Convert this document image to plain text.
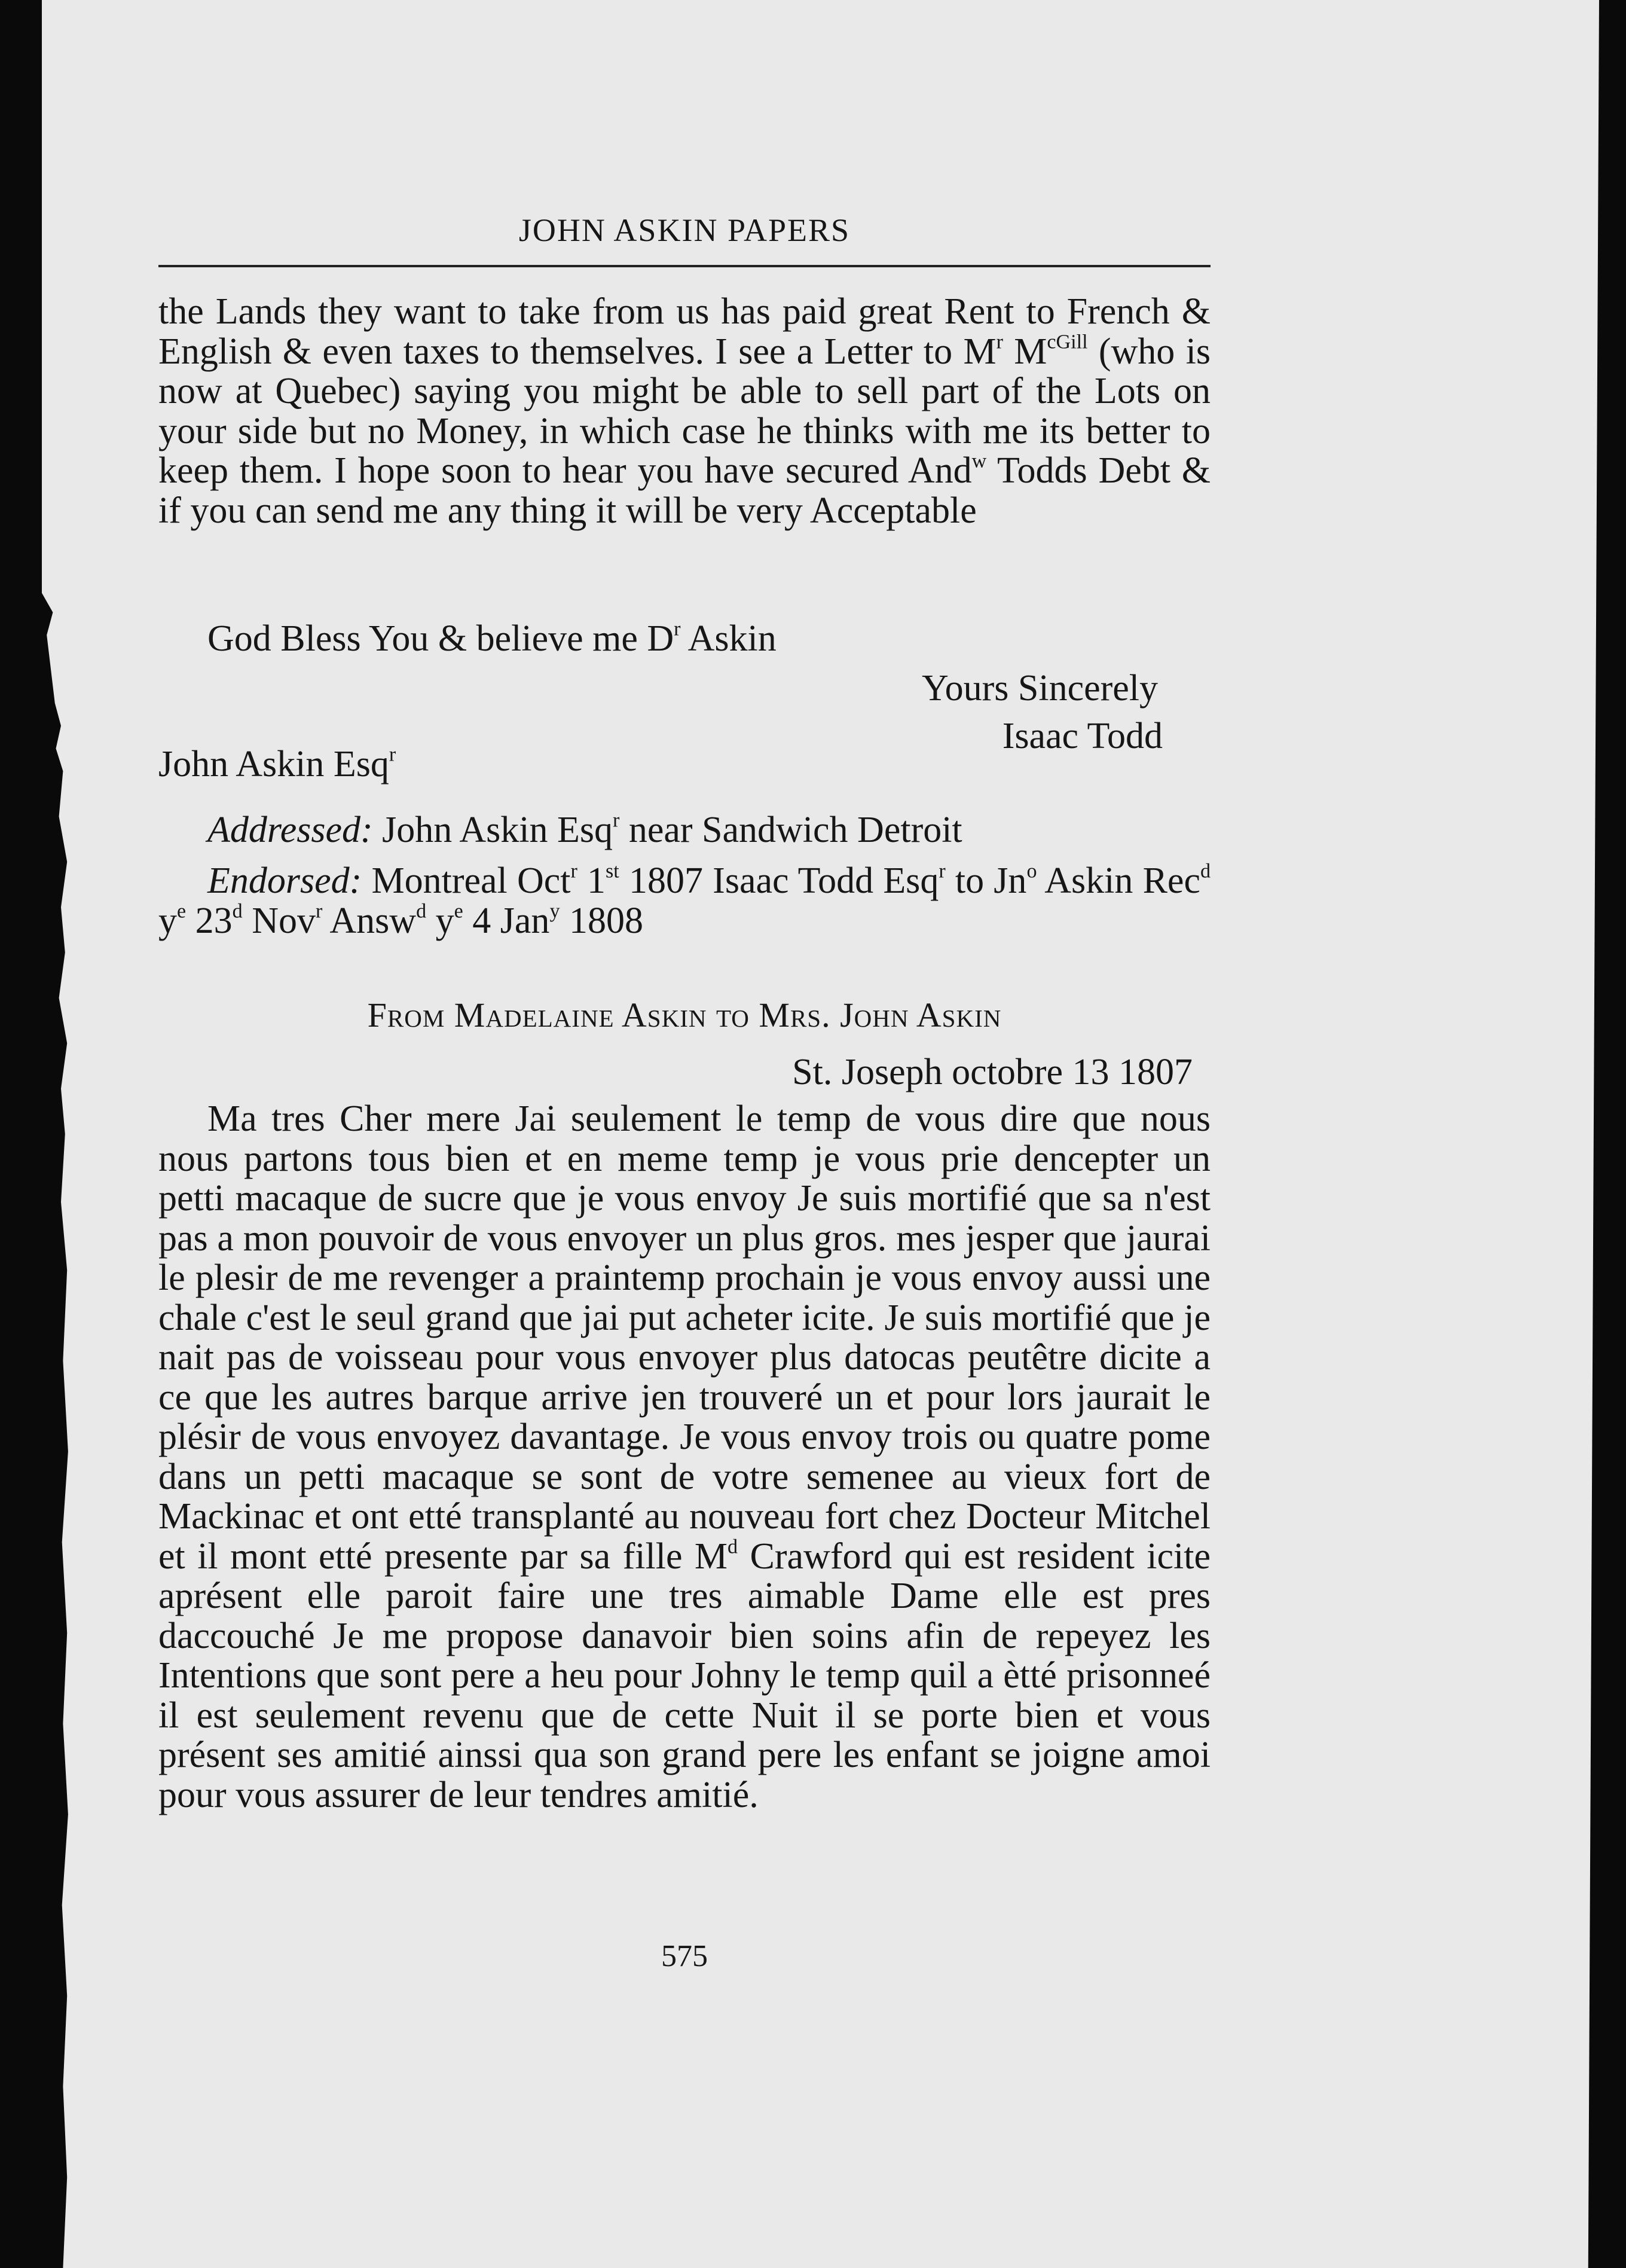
JOHN ASKIN PAPERS

the Lands they want to take from us has paid great Rent to French & English & even taxes to themselves. I see a Letter to $M^r$ $M^{cGill}$ (who is now at Quebec) saying you might be able to sell part of the Lots on your side but no Money, in which case he thinks with me its better to keep them. I hope soon to hear you have secured And$^w$ Todds Debt & if you can send me any thing it will be very Acceptable

God Bless You & believe me $D^r$ Askin
Yours Sincerely
Isaac Todd
John Askin Esq$^r$
Addressed: John Askin Esq$^r$ near Sandwich Detroit

Endorsed: Montreal Oct$^r$ 1st 1807 Isaac Todd Esq$^r$ to Jn$^o$ Askin Rec$^d$ $y^e$ 23$^d$ Nov$^r$ Answ$^d$ $y^e$ 4 Jan$^y$ 1808

From Madelaine Askin to Mrs. John Askin
St. Joseph octobre 13 1807

Ma tres Cher mere Jai seulement le temp de vous dire que nous nous partons tous bien et en meme temp je vous prie dencepter un petti macaque de sucre que je vous envoy Je suis mortifié que sa n'est pas a mon pouvoir de vous envoyer un plus gros. mes jesper que jaurai le plesir de me revenger a praintemp prochain je vous envoy aussi une chale c'est le seul grand que jai put acheter icite. Je suis mortifié que je nait pas de voisseau pour vous envoyer plus datocas peutêtre dicite a ce que les autres barque arrive jen trouveré un et pour lors jaurait le plésir de vous envoyez davantage. Je vous envoy trois ou quatre pome dans un petti macaque se sont de votre semenee au vieux fort de Mackinac et ont etté transplanté au nouveau fort chez Docteur Mitchel et il mont etté presente par sa fille $M^d$ Crawford qui est resident icite aprésent elle paroit faire une tres aimable Dame elle est pres daccouché Je me propose danavoir bien soins afin de repeyez les Intentions que sont pere a heu pour Johny le temp quil a ètté prisonneé il est seulement revenu que de cette Nuit il se porte bien et vous présent ses amitié ainssi qua son grand pere les enfant se joigne amoi pour vous assurer de leur tendres amitié.

575
